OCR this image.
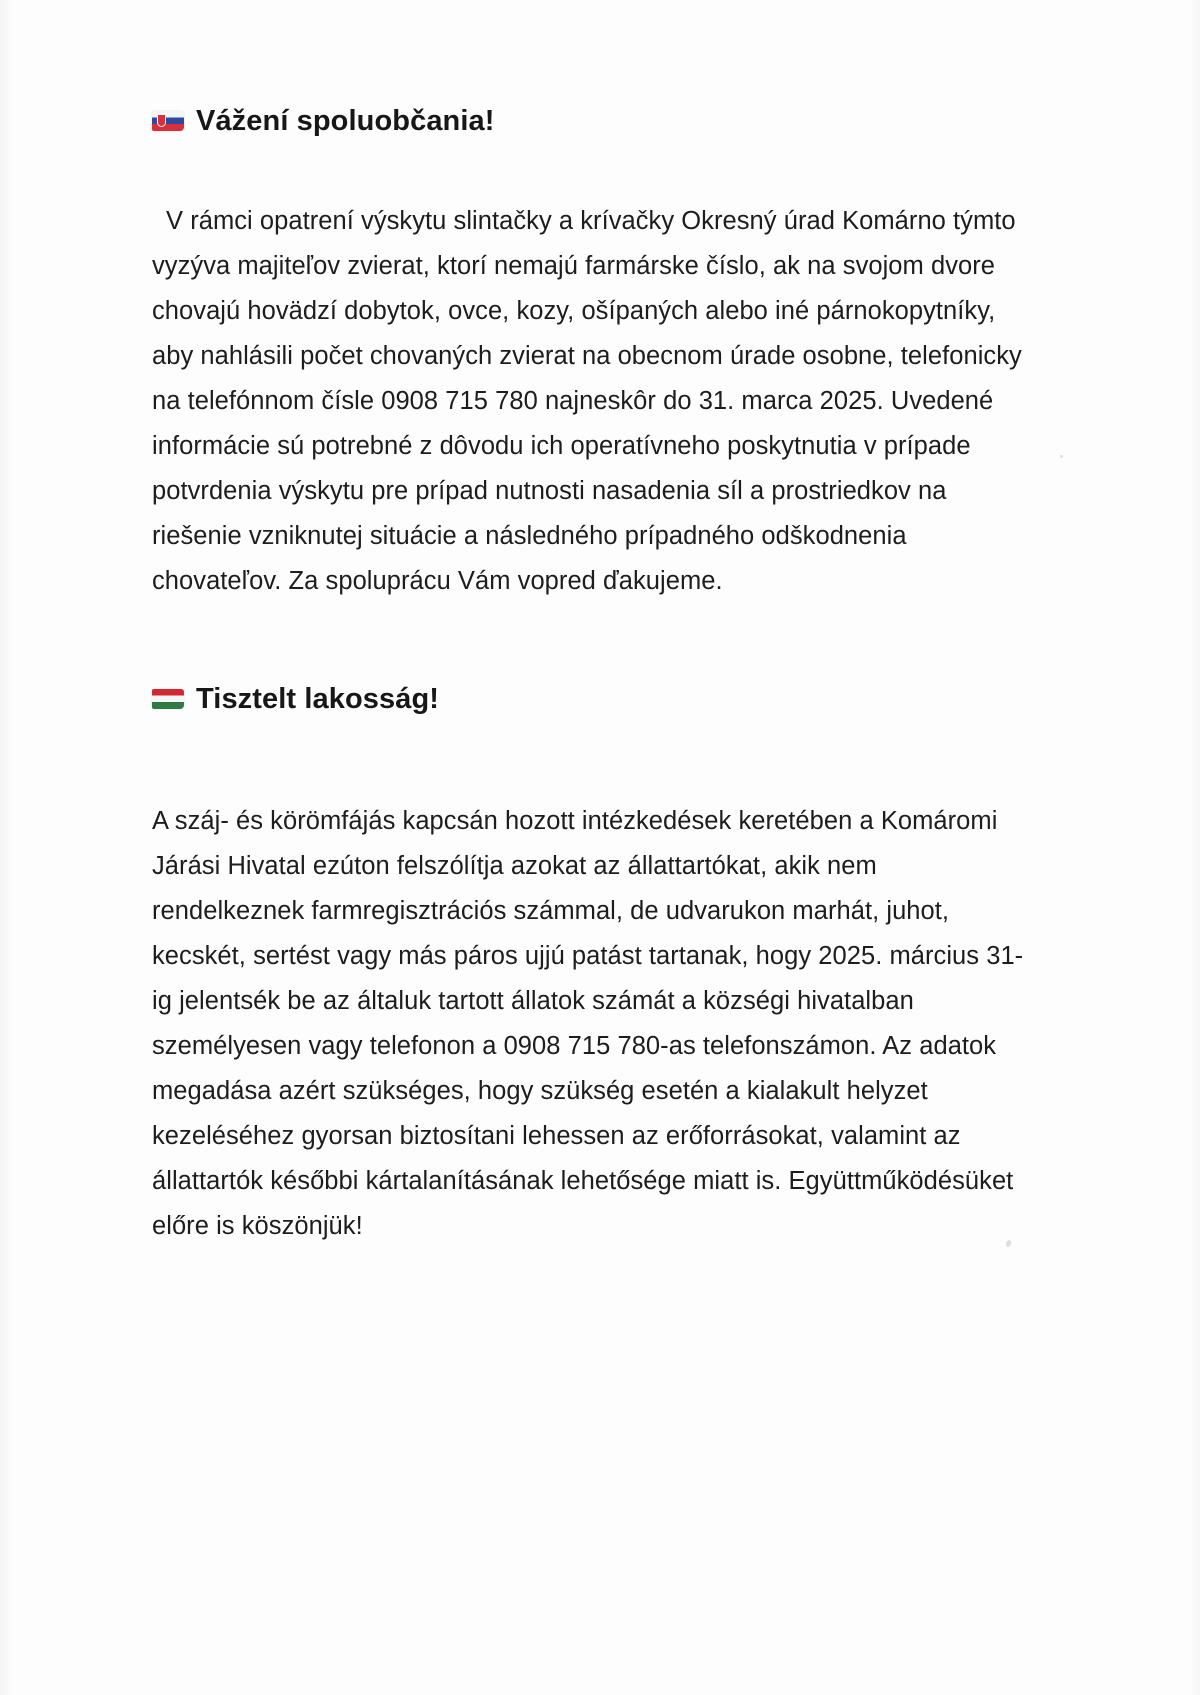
Vážení spoluobčania!

V rámci opatrení výskytu slintačky a krívačky Okresný úrad Komárno týmto vyzýva majiteľov zvierat, ktorí nemajú farmárske číslo, ak na svojom dvore chovajú hovädzí dobytok, ovce, kozy, ošípaných alebo iné párnokopytníky, aby nahlásili počet chovaných zvierat na obecnom úrade osobne, telefonicky na telefónnom čísle 0908 715 780 najneskôr do 31. marca 2025. Uvedené informácie sú potrebné z dôvodu ich operatívneho poskytnutia v prípade potvrdenia výskytu pre prípad nutnosti nasadenia síl a prostriedkov na riešenie vzniknutej situácie a následného prípadného odškodnenia chovateľov. Za spoluprácu Vám vopred ďakujeme.

Tisztelt lakosság!

A száj- és körömfájás kapcsán hozott intézkedések keretében a Komáromi Járási Hivatal ezúton felszólítja azokat az állattartókat, akik nem rendelkeznek farmregisztrációs számmal, de udvarukon marhát, juhot, kecskét, sertést vagy más páros ujjú patást tartanak, hogy 2025. március 31-ig jelentsék be az általuk tartott állatok számát a községi hivatalban személyesen vagy telefonon a 0908 715 780-as telefonszámon. Az adatok megadása azért szükséges, hogy szükség esetén a kialakult helyzet kezeléséhez gyorsan biztosítani lehessen az erőforrásokat, valamint az állattartók későbbi kártalanításának lehetősége miatt is. Együttműködésüket előre is köszönjük!
